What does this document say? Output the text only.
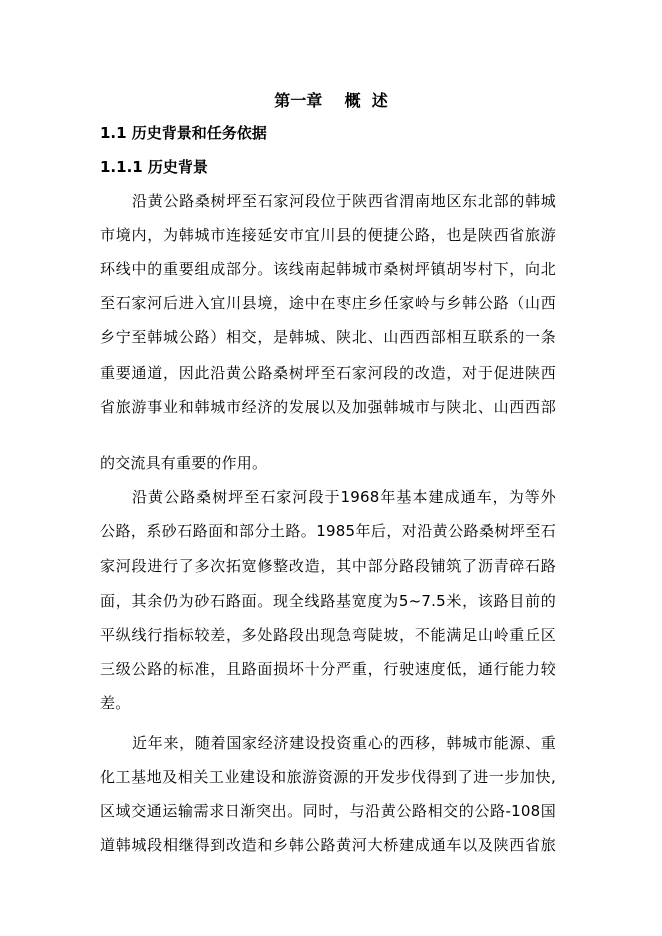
第一章    概  述
1.1 历史背景和任务依据
1.1.1 历史背景
沿黄公路桑树坪至石家河段位于陕西省渭南地区东北部的韩城
市境内，为韩城市连接延安市宜川县的便捷公路，也是陕西省旅游
环线中的重要组成部分。该线南起韩城市桑树坪镇胡岑村下，向北
至石家河后进入宜川县境，途中在枣庄乡任家岭与乡韩公路（山西
乡宁至韩城公路）相交，是韩城、陕北、山西西部相互联系的一条
重要通道，因此沿黄公路桑树坪至石家河段的改造，对于促进陕西
省旅游事业和韩城市经济的发展以及加强韩城市与陕北、山西西部
的交流具有重要的作用。
沿黄公路桑树坪至石家河段于1968年基本建成通车，为等外
公路，系砂石路面和部分土路。1985年后，对沿黄公路桑树坪至石
家河段进行了多次拓宽修整改造，其中部分路段铺筑了沥青碎石路
面，其余仍为砂石路面。现全线路基宽度为5~7.5米，该路目前的
平纵线行指标较差，多处路段出现急弯陡坡，不能满足山岭重丘区
三级公路的标准，且路面损坏十分严重，行驶速度低，通行能力较
差。
近年来，随着国家经济建设投资重心的西移，韩城市能源、重
化工基地及相关工业建设和旅游资源的开发步伐得到了进一步加快,
区域交通运输需求日渐突出。同时，与沿黄公路相交的公路-108国
道韩城段相继得到改造和乡韩公路黄河大桥建成通车以及陕西省旅
